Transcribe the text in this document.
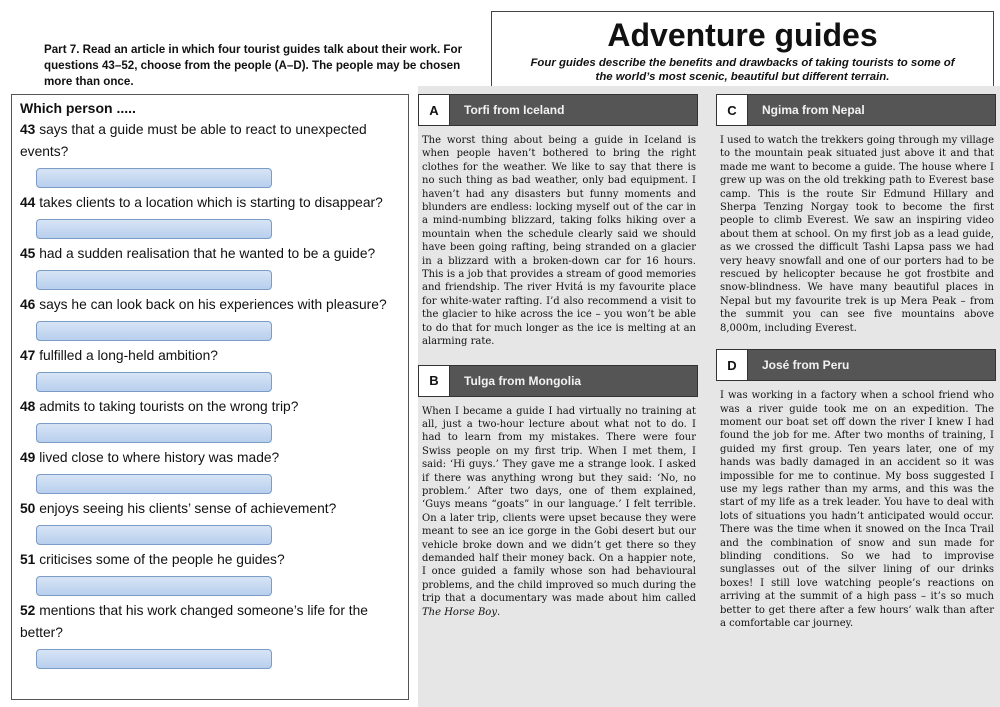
Part 7. Read an article in which four tourist guides talk about their work. For questions 43–52, choose from the people (A–D). The people may be chosen more than once.

Adventure guides

Four guides describe the benefits and drawbacks of taking tourists to some of the world’s most scenic, beautiful but different terrain.

Which person .....

43 says that a guide must be able to react to unexpected events?

44 takes clients to a location which is starting to disappear?

45 had a sudden realisation that he wanted to be a guide?

46 says he can look back on his experiences with pleasure?

47 fulfilled a long-held ambition?

48 admits to taking tourists on the wrong trip?

49 lived close to where history was made?

50 enjoys seeing his clients’ sense of achievement?

51 criticises some of the people he guides?

52 mentions that his work changed someone’s life for the better?

A	Torfi from Iceland

The worst thing about being a guide in Iceland is when people haven’t bothered to bring the right clothes for the weather. We like to say that there is no such thing as bad weather, only bad equipment. I haven’t had any disasters but funny moments and blunders are endless: locking myself out of the car in a mind-numbing blizzard, taking folks hiking over a mountain when the schedule clearly said we should have been going rafting, being stranded on a glacier in a blizzard with a broken-down car for 16 hours. This is a job that provides a stream of good memories and friendship. The river Hvitá is my favourite place for white-water rafting. I’d also recommend a visit to the glacier to hike across the ice – you won’t be able to do that for much longer as the ice is melting at an alarming rate.

B	Tulga from Mongolia

When I became a guide I had virtually no training at all, just a two-hour lecture about what not to do. I had to learn from my mistakes. There were four Swiss people on my first trip. When I met them, I said: ‘Hi guys.’ They gave me a strange look. I asked if there was anything wrong but they said: ‘No, no problem.’ After two days, one of them explained, ‘Guys means “goats” in our language.’ I felt terrible. On a later trip, clients were upset because they were meant to see an ice gorge in the Gobi desert but our vehicle broke down and we didn’t get there so they demanded half their money back. On a happier note, I once guided a family whose son had behavioural problems, and the child improved so much during the trip that a documentary was made about him called The Horse Boy.

C	Ngima from Nepal

I used to watch the trekkers going through my village to the mountain peak situated just above it and that made me want to become a guide. The house where I grew up was on the old trekking path to Everest base camp. This is the route Sir Edmund Hillary and Sherpa Tenzing Norgay took to become the first people to climb Everest. We saw an inspiring video about them at school. On my first job as a lead guide, as we crossed the difficult Tashi Lapsa pass we had very heavy snowfall and one of our porters had to be rescued by helicopter because he got frostbite and snow-blindness. We have many beautiful places in Nepal but my favourite trek is up Mera Peak – from the summit you can see five mountains above 8,000m, including Everest.

D	José from Peru

I was working in a factory when a school friend who was a river guide took me on an expedition. The moment our boat set off down the river I knew I had found the job for me. After two months of training, I guided my first group. Ten years later, one of my hands was badly damaged in an accident so it was impossible for me to continue. My boss suggested I use my legs rather than my arms, and this was the start of my life as a trek leader. You have to deal with lots of situations you hadn’t anticipated would occur. There was the time when it snowed on the Inca Trail and the combination of snow and sun made for blinding conditions. So we had to improvise sunglasses out of the silver lining of our drinks boxes! I still love watching people’s reactions on arriving at the summit of a high pass – it’s so much better to get there after a few hours’ walk than after a comfortable car journey.
